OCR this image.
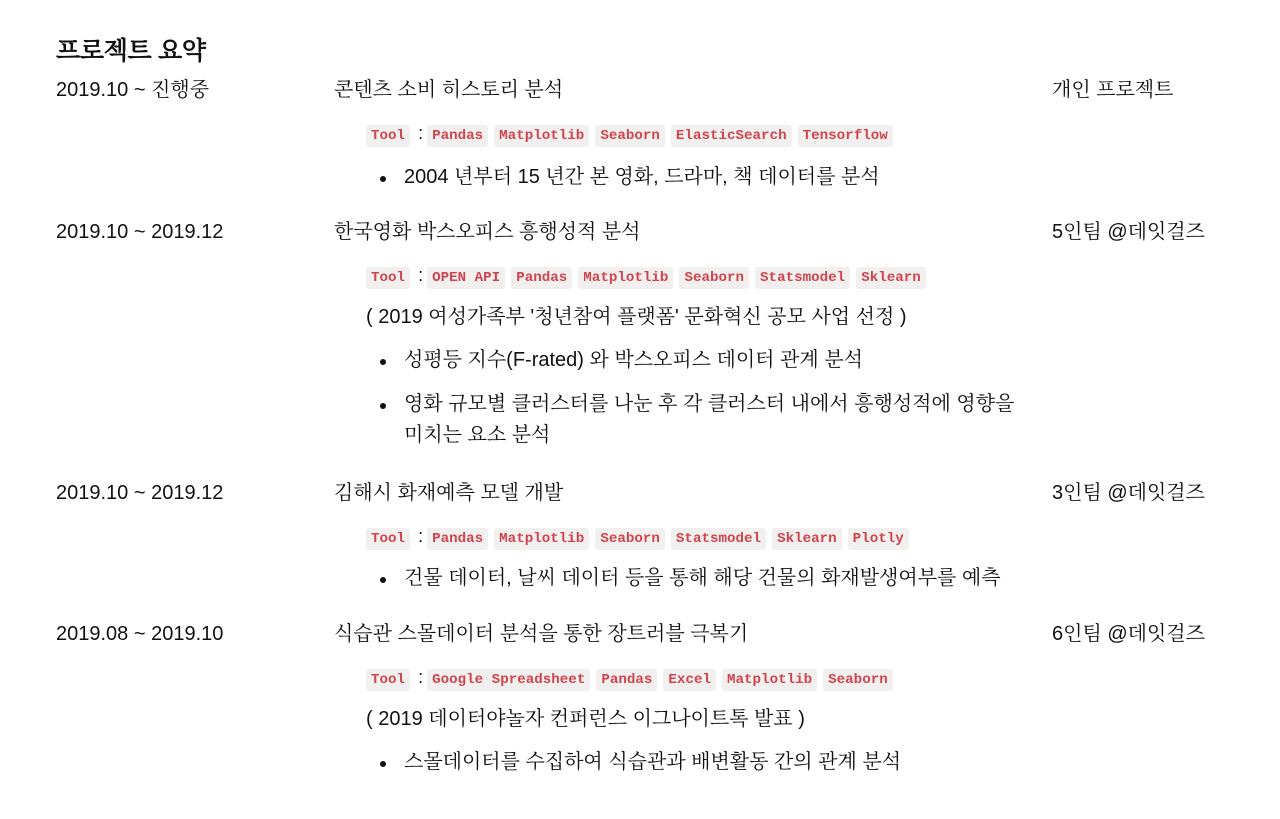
프로젝트 요약
2019.10 ~ 진행중	콘텐츠 소비 히스토리 분석	개인 프로젝트
Tool : Pandas	Matplotlib	Seaborn	ElasticSearch	Tensorflow
2004 년부터 15 년간 본 영화, 드라마, 책 데이터를 분석
2019.10 ~ 2019.12	한국영화 박스오피스 흥행성적 분석	5인팀 @데잇걸즈
Tool : OPEN API	Pandas	Matplotlib	Seaborn	Statsmodel	Sklearn
( 2019 여성가족부 '청년참여 플랫폼' 문화혁신 공모 사업 선정 )
성평등 지수(F-rated) 와 박스오피스 데이터 관계 분석
영화 규모별 클러스터를 나눈 후 각 클러스터 내에서 흥행성적에 영향을 미치는 요소 분석
2019.10 ~ 2019.12	김해시 화재예측 모델 개발	3인팀 @데잇걸즈
Tool : Pandas	Matplotlib	Seaborn	Statsmodel	Sklearn	Plotly
건물 데이터, 날씨 데이터 등을 통해 해당 건물의 화재발생여부를 예측
2019.08 ~ 2019.10	식습관 스몰데이터 분석을 통한 장트러블 극복기	6인팀 @데잇걸즈
Tool : Google Spreadsheet	Pandas	Excel	Matplotlib	Seaborn
( 2019 데이터야놀자 컨퍼런스 이그나이트톡 발표 )
스몰데이터를 수집하여 식습관과 배변활동 간의 관계 분석
